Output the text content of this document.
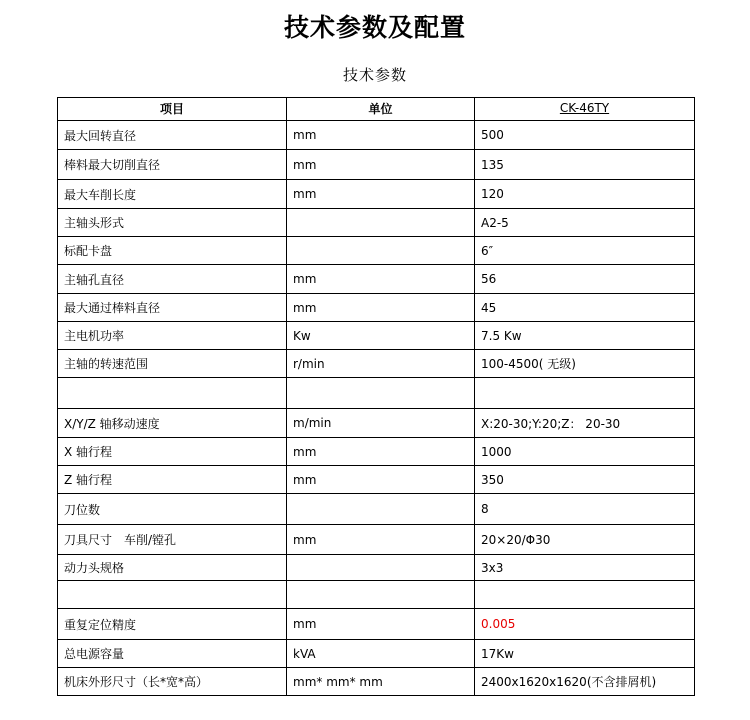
技术参数及配置
技术参数
项目	单位	CK-46TY
最大回转直径	mm	500
棒料最大切削直径	mm	135
最大车削长度	mm	120
主轴头形式		A2-5
标配卡盘		6″
主轴孔直径	mm	56
最大通过棒料直径	mm	45
主电机功率	Kw	7.5 Kw
主轴的转速范围	r/min	100-4500( 无级)

X/Y/Z 轴移动速度	m/min	X:20-30;Y:20;Z： 20-30
X 轴行程	mm	1000
Z 轴行程	mm	350
刀位数		8
刀具尺寸　车削/镗孔	mm	20×20/Φ30
动力头规格		3x3

重复定位精度	mm	0.005
总电源容量	kVA	17Kw
机床外形尺寸（长*宽*高）	mm* mm* mm	2400x1620x1620(不含排屑机)
